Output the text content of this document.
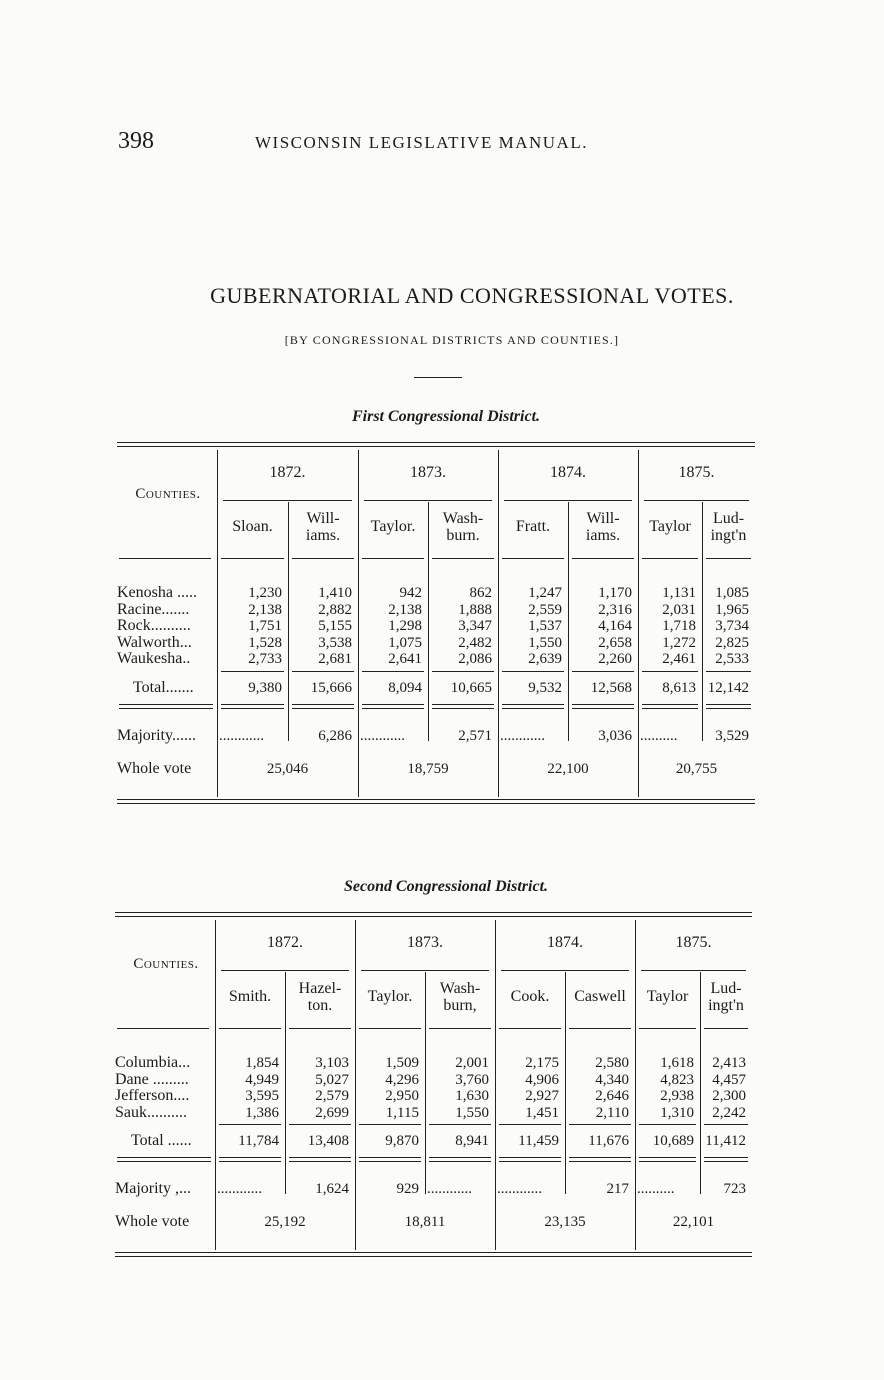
398	WISCONSIN LEGISLATIVE MANUAL.
GUBERNATORIAL AND CONGRESSIONAL VOTES.
[BY CONGRESSIONAL DISTRICTS AND COUNTIES.]
First Congressional District.
Counties.
1872.	1873.	1874.	1875.
Sloan.	Will-
iams.
Taylor.	Wash-
burn.
Fratt.	Will-
iams.
Taylor	Lud-
ingt'n
Kenosha .....	1,230	1,410	942	862	1,247	1,170	1,131	1,085
Racine.......	2,138	2,882	2,138	1,888	2,559	2,316	2,031	1,965
Rock..........	1,751	5,155	1,298	3,347	1,537	4,164	1,718	3,734
Walworth...	1,528	3,538	1,075	2,482	1,550	2,658	1,272	2,825
Waukesha..	2,733	2,681	2,641	2,086	2,639	2,260	2,461	2,533
Total.......	9,380	15,666	8,094	10,665	9,532	12,568	8,613 12,142
Majority...... ............	6,286 ............	2,571 ............	3,036 ..........	3,529
Whole vote	25,046	18,759	22,100	20,755
Second Congressional District.
Counties.
1872.	1873.	1874.	1875.
Smith.	Hazel-
ton.
Taylor.	Wash-
burn,
Cook.	Caswell	Taylor	Lud-
ingt'n
Columbia...	1,854	3,103	1,509	2,001	2,175	2,580	1,618	2,413
Dane .........	4,949	5,027	4,296	3,760	4,906	4,340	4,823	4,457
Jefferson....	3,595	2,579	2,950	1,630	2,927	2,646	2,938	2,300
Sauk..........	1,386	2,699	1,115	1,550	1,451	2,110	1,310	2,242
Total ......	11,784	13,408	9,870	8,941	11,459	11,676	10,689 11,412
Majority ,... ............	1,624	929 ............	............	217 ..........	723
Whole vote	25,192	18,811	23,135	22,101
